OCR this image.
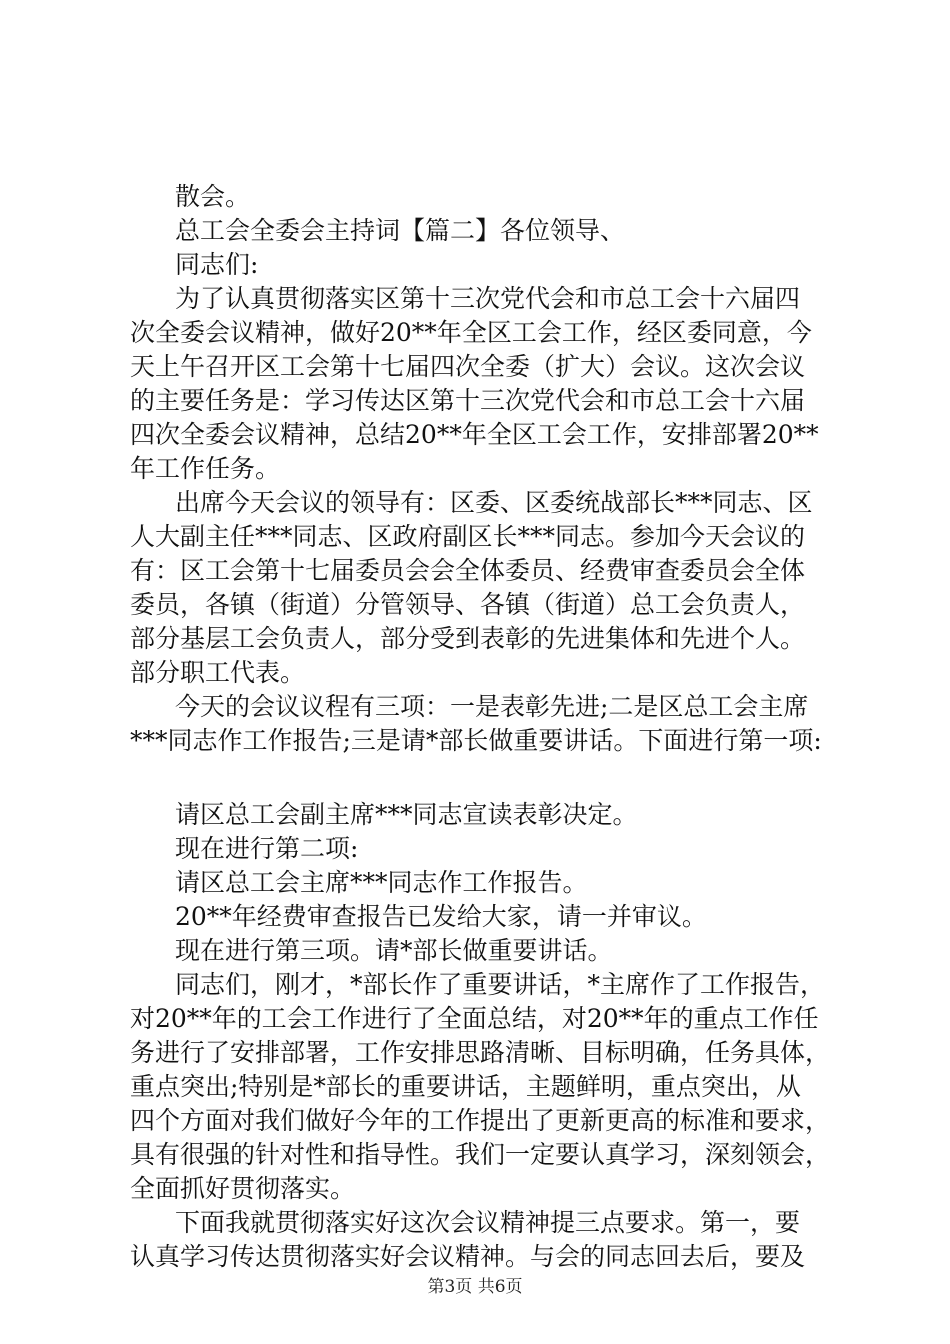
散会。
总工会全委会主持词【篇二】各位领导、
同志们:
为了认真贯彻落实区第十三次党代会和市总工会十六届四
次全委会议精神，做好20**年全区工会工作，经区委同意，今
天上午召开区工会第十七届四次全委（扩大）会议。这次会议
的主要任务是：学习传达区第十三次党代会和市总工会十六届
四次全委会议精神，总结20**年全区工会工作，安排部署20**
年工作任务。
出席今天会议的领导有：区委、区委统战部长***同志、区
人大副主任***同志、区政府副区长***同志。参加今天会议的
有：区工会第十七届委员会会全体委员、经费审查委员会全体
委员，各镇（街道）分管领导、各镇（街道）总工会负责人，
部分基层工会负责人，部分受到表彰的先进集体和先进个人。
部分职工代表。
今天的会议议程有三项：一是表彰先进;二是区总工会主席
***同志作工作报告;三是请*部长做重要讲话。下面进行第一项:
请区总工会副主席***同志宣读表彰决定。
现在进行第二项:
请区总工会主席***同志作工作报告。
20**年经费审查报告已发给大家，请一并审议。
现在进行第三项。请*部长做重要讲话。
同志们，刚才，*部长作了重要讲话，*主席作了工作报告，
对20**年的工会工作进行了全面总结，对20**年的重点工作任
务进行了安排部署，工作安排思路清晰、目标明确，任务具体，
重点突出;特别是*部长的重要讲话，主题鲜明，重点突出，从
四个方面对我们做好今年的工作提出了更新更高的标准和要求，
具有很强的针对性和指导性。我们一定要认真学习，深刻领会，
全面抓好贯彻落实。
下面我就贯彻落实好这次会议精神提三点要求。第一，要
认真学习传达贯彻落实好会议精神。与会的同志回去后，要及
第3页 共6页
